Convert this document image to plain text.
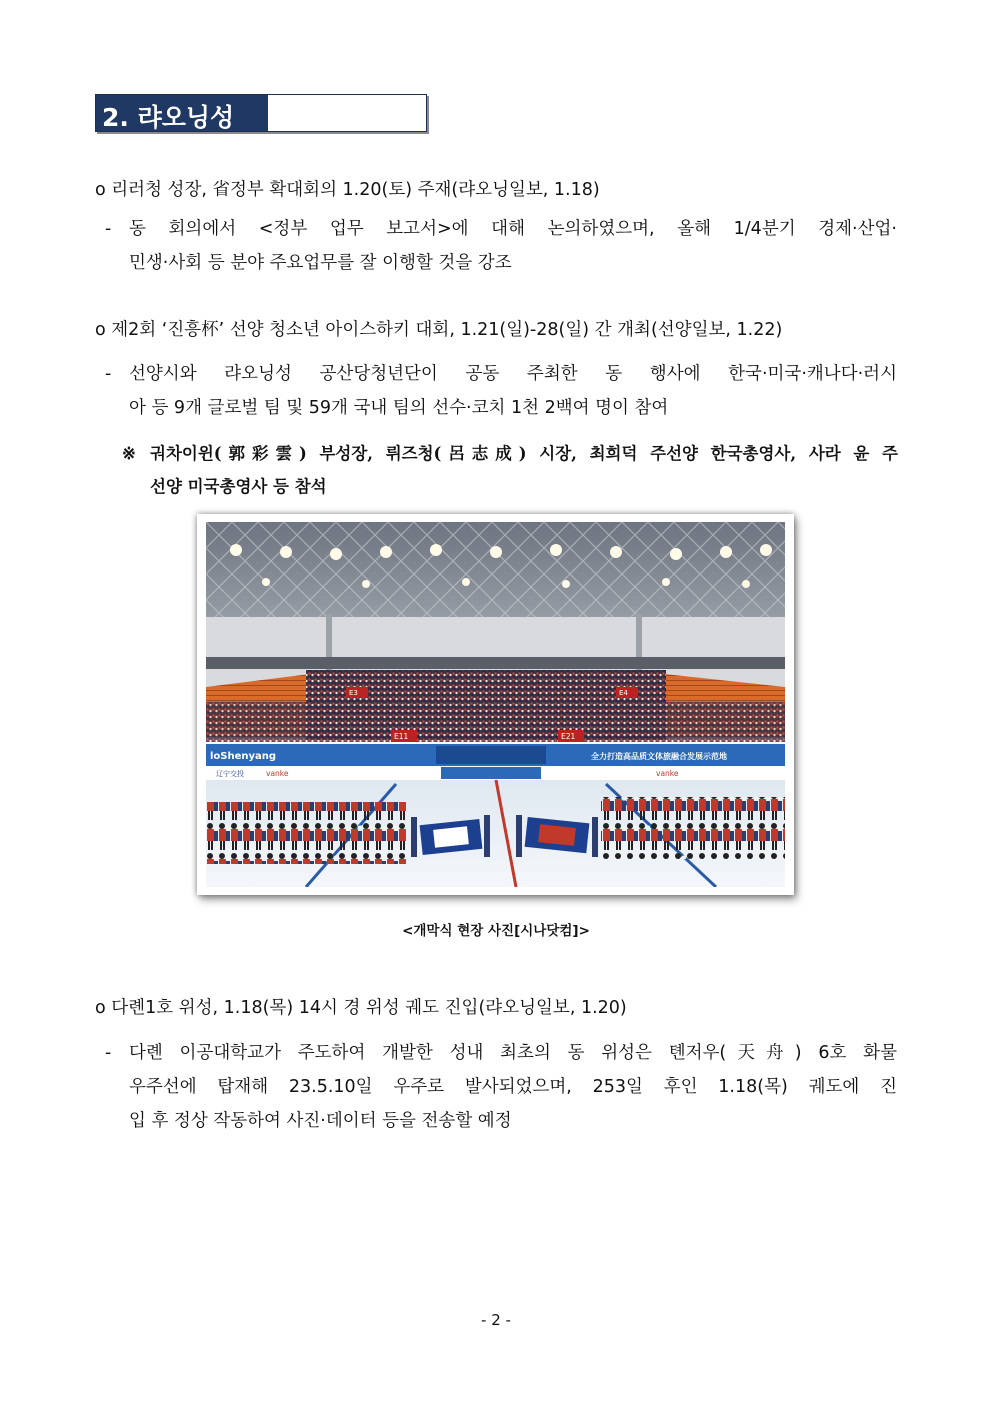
2. 랴오닝성
o 리러청 성장, 省정부 확대회의 1.20(토) 주재(랴오닝일보, 1.18)
-	동 회의에서 <정부 업무 보고서>에 대해 논의하였으며, 올해 1/4분기 경제·산업·
민생·사회 등 분야 주요업무를 잘 이행할 것을 강조
o 제2회 ‘진흥杯’ 선양 청소년 아이스하키 대회, 1.21(일)-28(일) 간 개최(선양일보, 1.22)
-	선양시와 랴오닝성 공산당청년단이 공동 주최한 동 행사에 한국·미국·캐나다·러시
아 등 9개 글로벌 팀 및 59개 국내 팀의 선수·코치 1천 2백여 명이 참여
※ 궈차이윈(郭彩雲) 부성장, 뤼즈청(呂志成) 시장, 최희덕 주선양 한국총영사, 사라 윤 주
선양 미국총영사 등 참석
E3	E4
E11	E21
loShenyang	全力打造高品质文体旅融合发展示范地
辽宁交投	vanke	vanke
<개막식 현장 사진[시나닷컴]>
o 다롄1호 위성, 1.18(목) 14시 경 위성 궤도 진입(랴오닝일보, 1.20)
-	다롄 이공대학교가 주도하여 개발한 성내 최초의 동 위성은 톈저우(天舟) 6호 화물
우주선에 탑재해 23.5.10일 우주로 발사되었으며, 253일 후인 1.18(목) 궤도에 진
입 후 정상 작동하여 사진·데이터 등을 전송할 예정
- 2 -
